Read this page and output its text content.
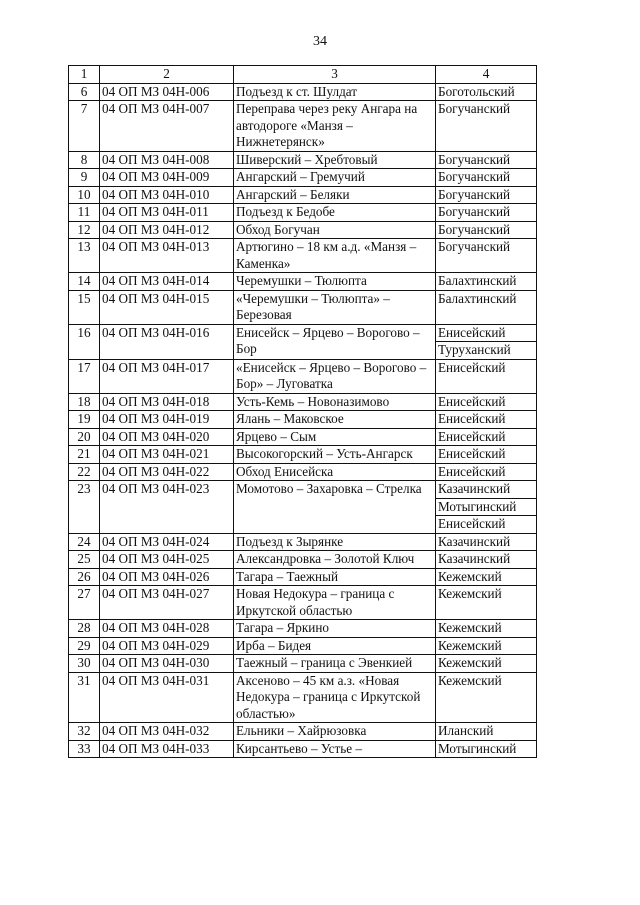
34
1	2	3	4
6	04 ОП МЗ 04Н-006	Подъезд к ст. Шулдат	Боготольский

7	04 ОП МЗ 04Н-007	Переправа через реку Ангара на автодороге «Манзя – Нижнетерянск»	Богучанский

8	04 ОП МЗ 04Н-008	Шиверский – Хребтовый	Богучанский

9	04 ОП МЗ 04Н-009	Ангарский – Гремучий	Богучанский

10	04 ОП МЗ 04Н-010	Ангарский – Беляки	Богучанский

11	04 ОП МЗ 04Н-011	Подъезд к Бедобе	Богучанский

12	04 ОП МЗ 04Н-012	Обход Богучан	Богучанский

13	04 ОП МЗ 04Н-013	Артюгино – 18 км а.д. «Манзя – Каменка»	Богучанский

14	04 ОП МЗ 04Н-014	Черемушки – Тюлюпта	Балахтинский

15	04 ОП МЗ 04Н-015	«Черемушки – Тюлюпта» – Березовая	Балахтинский

16	04 ОП МЗ 04Н-016	Енисейск – Ярцево – Ворогово – Бор	Енисейский
Туруханский

17	04 ОП МЗ 04Н-017	«Енисейск – Ярцево – Ворогово – Бор» – Луговатка	Енисейский

18	04 ОП МЗ 04Н-018	Усть-Кемь – Новоназимово	Енисейский

19	04 ОП МЗ 04Н-019	Ялань – Маковское	Енисейский

20	04 ОП МЗ 04Н-020	Ярцево – Сым	Енисейский

21	04 ОП МЗ 04Н-021	Высокогорский – Усть-Ангарск	Енисейский

22	04 ОП МЗ 04Н-022	Обход Енисейска	Енисейский

23	04 ОП МЗ 04Н-023	Момотово – Захаровка – Стрелка	Казачинский
Мотыгинский
Енисейский

24	04 ОП МЗ 04Н-024	Подъезд к Зырянке	Казачинский

25	04 ОП МЗ 04Н-025	Александровка – Золотой Ключ	Казачинский

26	04 ОП МЗ 04Н-026	Тагара – Таежный	Кежемский

27	04 ОП МЗ 04Н-027	Новая Недокура – граница с Иркутской областью	Кежемский

28	04 ОП МЗ 04Н-028	Тагара – Яркино	Кежемский

29	04 ОП МЗ 04Н-029	Ирба – Бидея	Кежемский

30	04 ОП МЗ 04Н-030	Таежный – граница с Эвенкией	Кежемский

31	04 ОП МЗ 04Н-031	Аксеново – 45 км а.з. «Новая Недокура – граница с Иркутской областью»	Кежемский

32	04 ОП МЗ 04Н-032	Ельники – Хайрюзовка	Иланский

33	04 ОП МЗ 04Н-033	Кирсантьево – Устье –	Мотыгинский
